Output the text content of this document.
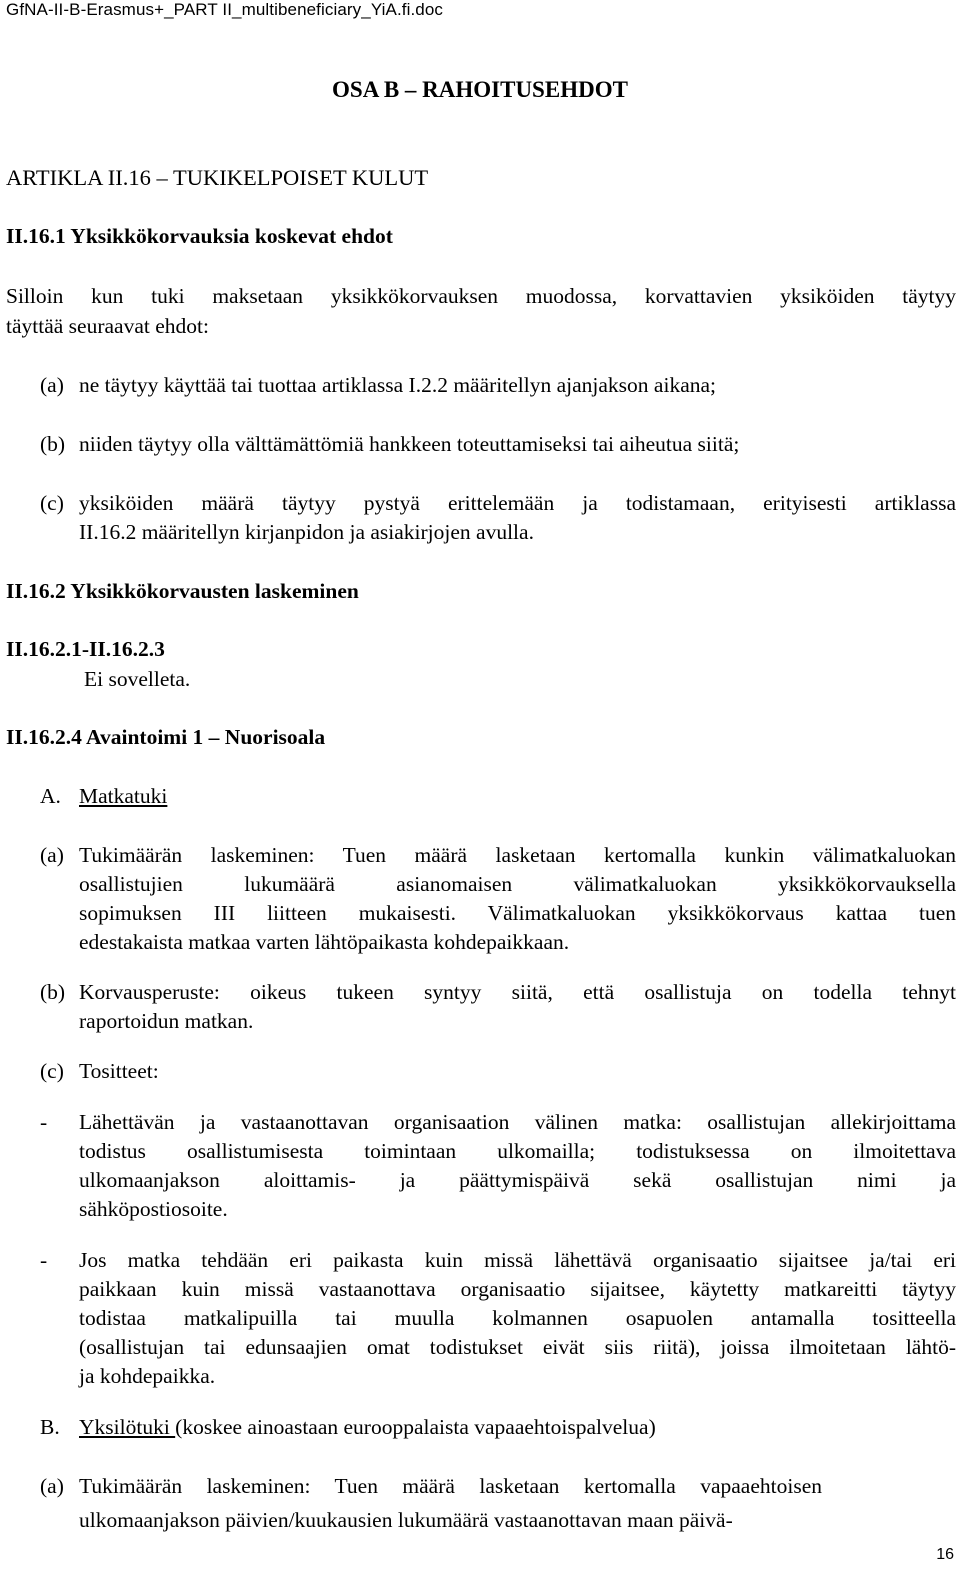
GfNA-II-B-Erasmus+_PART II_multibeneficiary_YiA.fi.doc
OSA B – RAHOITUSEHDOT
ARTIKLA II.16 – TUKIKELPOISET KULUT
II.16.1 Yksikkökorvauksia koskevat ehdot
Silloin kun tuki maksetaan yksikkökorvauksen muodossa, korvattavien yksiköiden täytyy
täyttää seuraavat ehdot:
(a) ne täytyy käyttää tai tuottaa artiklassa I.2.2 määritellyn ajanjakson aikana;
(b) niiden täytyy olla välttämättömiä hankkeen toteuttamiseksi tai aiheutua siitä;
(c) yksiköiden määrä täytyy pystyä erittelemään ja todistamaan, erityisesti artiklassa
II.16.2 määritellyn kirjanpidon ja asiakirjojen avulla.
II.16.2 Yksikkökorvausten laskeminen
II.16.2.1-II.16.2.3
Ei sovelleta.
II.16.2.4 Avaintoimi 1 – Nuorisoala
A. Matkatuki
(a) Tukimäärän laskeminen: Tuen määrä lasketaan kertomalla kunkin välimatkaluokan
osallistujien lukumäärä asianomaisen välimatkaluokan yksikkökorvauksella
sopimuksen III liitteen mukaisesti. Välimatkaluokan yksikkökorvaus kattaa tuen
edestakaista matkaa varten lähtöpaikasta kohdepaikkaan.
(b) Korvausperuste: oikeus tukeen syntyy siitä, että osallistuja on todella tehnyt
raportoidun matkan.
(c) Tositteet:
- Lähettävän ja vastaanottavan organisaation välinen matka: osallistujan allekirjoittama
todistus osallistumisesta toimintaan ulkomailla; todistuksessa on ilmoitettava
ulkomaanjakson aloittamis- ja päättymispäivä sekä osallistujan nimi ja
sähköpostiosoite.
- Jos matka tehdään eri paikasta kuin missä lähettävä organisaatio sijaitsee ja/tai eri
paikkaan kuin missä vastaanottava organisaatio sijaitsee, käytetty matkareitti täytyy
todistaa matkalipuilla tai muulla kolmannen osapuolen antamalla tositteella
(osallistujan tai edunsaajien omat todistukset eivät siis riitä), joissa ilmoitetaan lähtö-
ja kohdepaikka.
B. Yksilötuki (koskee ainoastaan eurooppalaista vapaaehtoispalvelua)
(a) Tukimäärän laskeminen: Tuen määrä lasketaan kertomalla vapaaehtoisen
ulkomaanjakson päivien/kuukausien lukumäärä vastaanottavan maan päivä-
16
